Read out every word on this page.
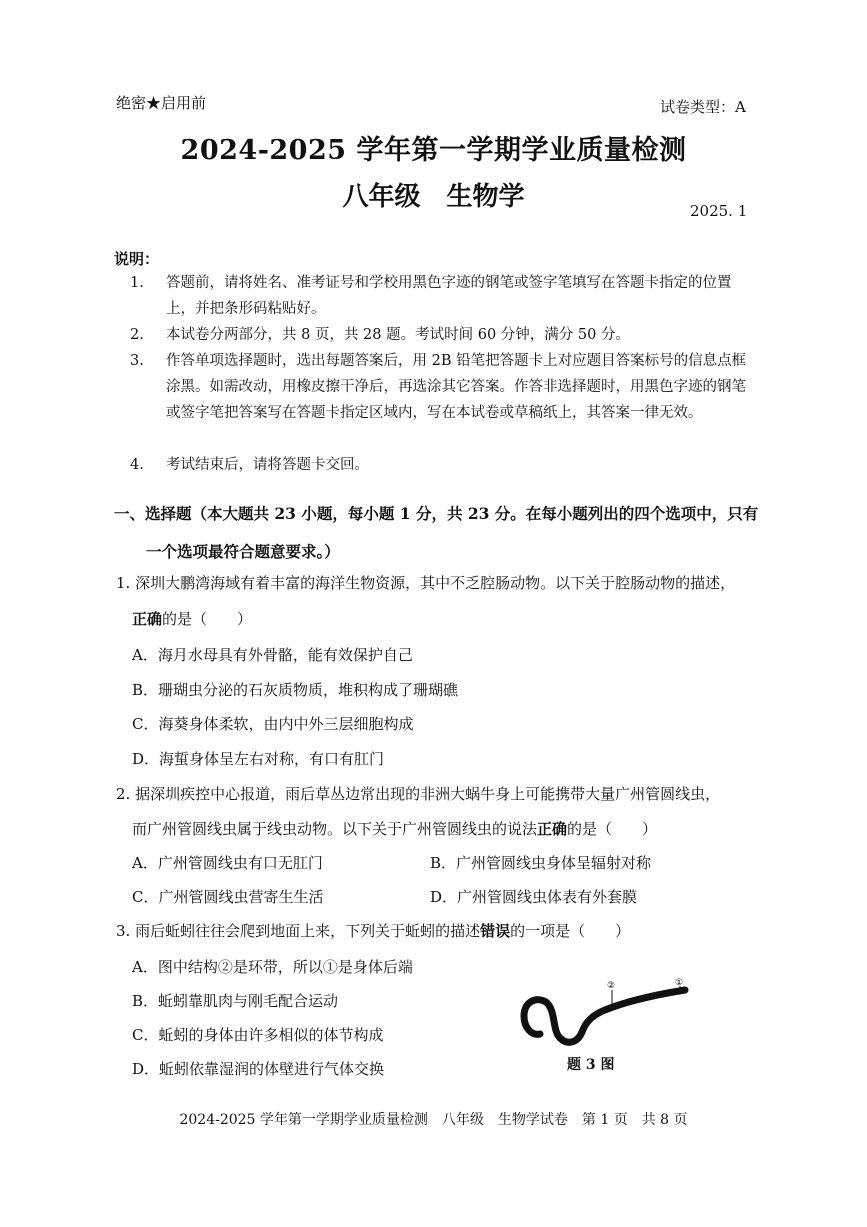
绝密★启用前	试卷类型：A
2024-2025 学年第一学期学业质量检测
八年级　生物学	2025. 1
说明：
1. 答题前，请将姓名、准考证号和学校用黑色字迹的钢笔或签字笔填写在答题卡指定的位置上，并把条形码粘贴好。
2. 本试卷分两部分，共 8 页，共 28 题。考试时间 60 分钟，满分 50 分。
3. 作答单项选择题时，选出每题答案后，用 2B 铅笔把答题卡上对应题目答案标号的信息点框涂黑。如需改动，用橡皮擦干净后，再选涂其它答案。作答非选择题时，用黑色字迹的钢笔或签字笔把答案写在答题卡指定区域内，写在本试卷或草稿纸上，其答案一律无效。
4. 考试结束后，请将答题卡交回。
一、选择题（本大题共 23 小题，每小题 1 分，共 23 分。在每小题列出的四个选项中，只有
一个选项最符合题意要求。）
1. 深圳大鹏湾海域有着丰富的海洋生物资源，其中不乏腔肠动物。以下关于腔肠动物的描述，
正确的是（　　）
A．海月水母具有外骨骼，能有效保护自己
B．珊瑚虫分泌的石灰质物质，堆积构成了珊瑚礁
C．海葵身体柔软，由内中外三层细胞构成
D．海蜇身体呈左右对称，有口有肛门
2. 据深圳疾控中心报道，雨后草丛边常出现的非洲大蜗牛身上可能携带大量广州管圆线虫，
而广州管圆线虫属于线虫动物。以下关于广州管圆线虫的说法正确的是（　　）
A．广州管圆线虫有口无肛门	B．广州管圆线虫身体呈辐射对称
C．广州管圆线虫营寄生生活	D．广州管圆线虫体表有外套膜
3. 雨后蚯蚓往往会爬到地面上来，下列关于蚯蚓的描述错误的一项是（　　）
A．图中结构②是环带，所以①是身体后端
B．蚯蚓靠肌肉与刚毛配合运动
C．蚯蚓的身体由许多相似的体节构成
D．蚯蚓依靠湿润的体壁进行气体交换
②	①
题 3 图
2024-2025 学年第一学期学业质量检测　八年级　生物学试卷　第 1 页　共 8 页
